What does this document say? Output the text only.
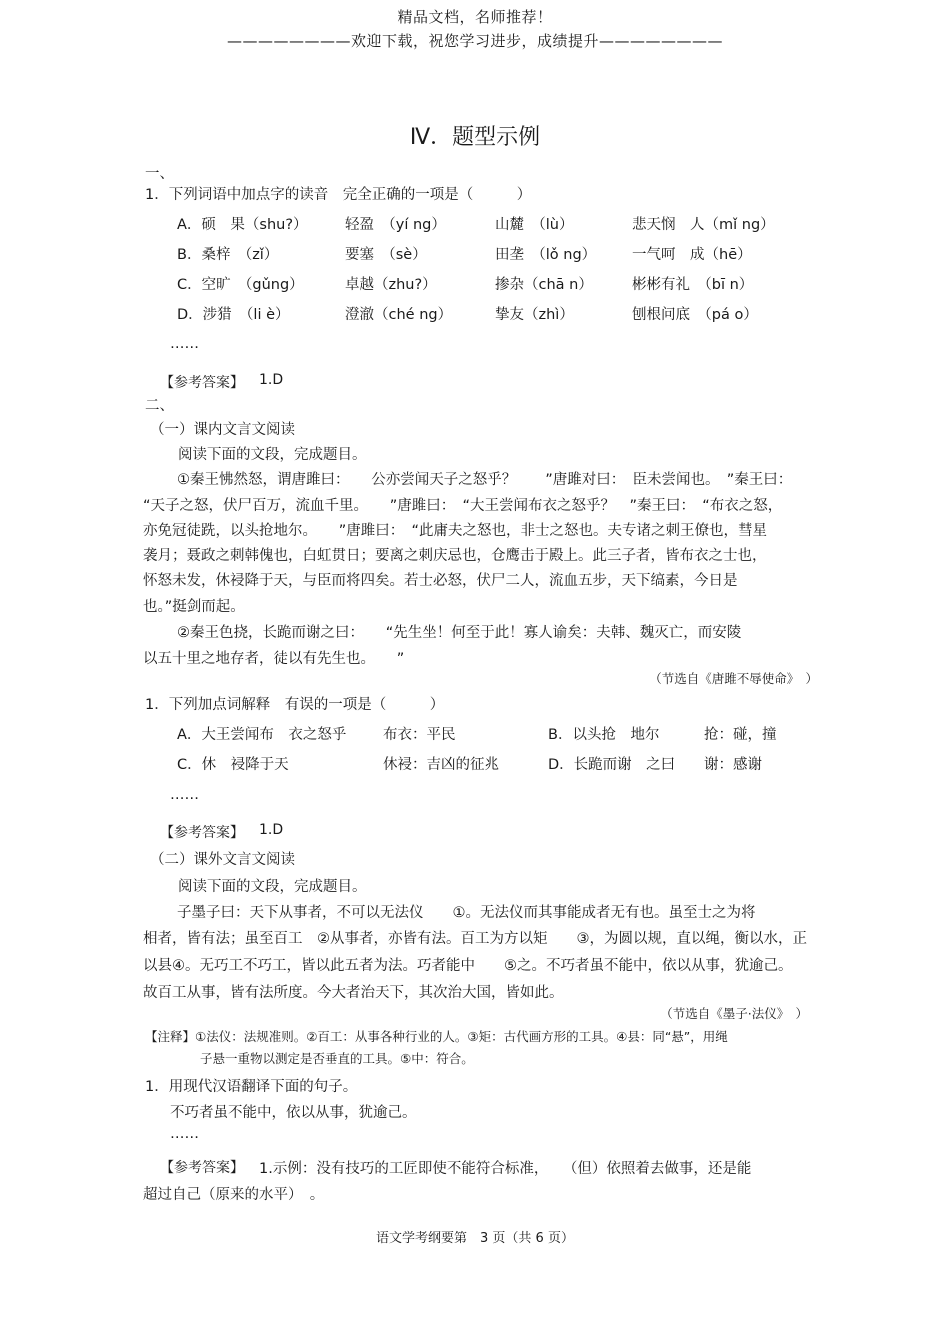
精品文档，名师推荐！
————————欢迎下载，祝您学习进步，成绩提升————————
Ⅳ．题型示例
一、
1．下列词语中加点字的读音　完全正确的一项是（　　　）
A．硕　果（shu?）	轻盈　（yí ng）	山麓　（lù）	悲天悯　人（mǐ ng）
B．桑梓　（zǐ）	要塞　（sè）	田垄　（lǒ ng） 一气呵　成（hē）
C．空旷　（gǔng）	卓越（zhu?）	掺杂（chā n）	彬彬有礼　（bī n）
D．涉猎　（li è）	澄澈（ché ng）	挚友（zhì）	刨根问底　（pá o）
……
【参考答案】 1.D
二、
（一）课内文言文阅读
阅读下面的文段，完成题目。
①秦王怫然怒，谓唐雎曰：　　公亦尝闻天子之怒乎？　　”唐雎对曰：　臣未尝闻也。　”秦王曰：
“天子之怒，伏尸百万，流血千里。　　”唐雎曰：　“大王尝闻布衣之怒乎？　”秦王曰：　“布衣之怒，
亦免冠徒跣，以头抢地尔。　　”唐雎曰：　“此庸夫之怒也，非士之怒也。夫专诸之刺王僚也，彗星
袭月；聂政之刺韩傀也，白虹贯日；要离之刺庆忌也，仓鹰击于殿上。此三子者，皆布衣之士也，
怀怒未发，休祲降于天，与臣而将四矣。若士必怒，伏尸二人，流血五步，天下缟素，今日是
也。”挺剑而起。
②秦王色挠，长跪而谢之曰：　　“先生坐！何至于此！寡人谕矣：夫韩、魏灭亡，而安陵
以五十里之地存者，徒以有先生也。　　”
（节选自《唐雎不辱使命》　）
1．下列加点词解释　有误的一项是（　　　）
A．大王尝闻布　衣之怒乎	布衣：平民	B．以头抢　地尔	抢：碰，撞
C．休　祲降于天	休祲：吉凶的征兆	D．长跪而谢　之曰 谢：感谢
……
【参考答案】 1.D
（二）课外文言文阅读
阅读下面的文段，完成题目。
子墨子曰：天下从事者，不可以无法仪　　①。无法仪而其事能成者无有也。虽至士之为将
相者，皆有法；虽至百工　②从事者，亦皆有法。百工为方以矩　　③，为圆以规，直以绳，衡以水，正
以县④。无巧工不巧工，皆以此五者为法。巧者能中　　⑤之。不巧者虽不能中，依以从事，犹逾己。
故百工从事，皆有法所度。今大者治天下，其次治大国，皆如此。
（节选自《墨子·法仪》　）
【注释】①法仪：法规准则。②百工：从事各种行业的人。③矩：古代画方形的工具。④县：同“悬”，用绳
子悬一重物以测定是否垂直的工具。⑤中：符合。
1．用现代汉语翻译下面的句子。
不巧者虽不能中，依以从事，犹逾己。
……
【参考答案】 1.示例：没有技巧的工匠即使不能符合标准，　　（但）依照着去做事，还是能
超过自己（原来的水平）　。
语文学考纲要第　3 页（共 6 页）
